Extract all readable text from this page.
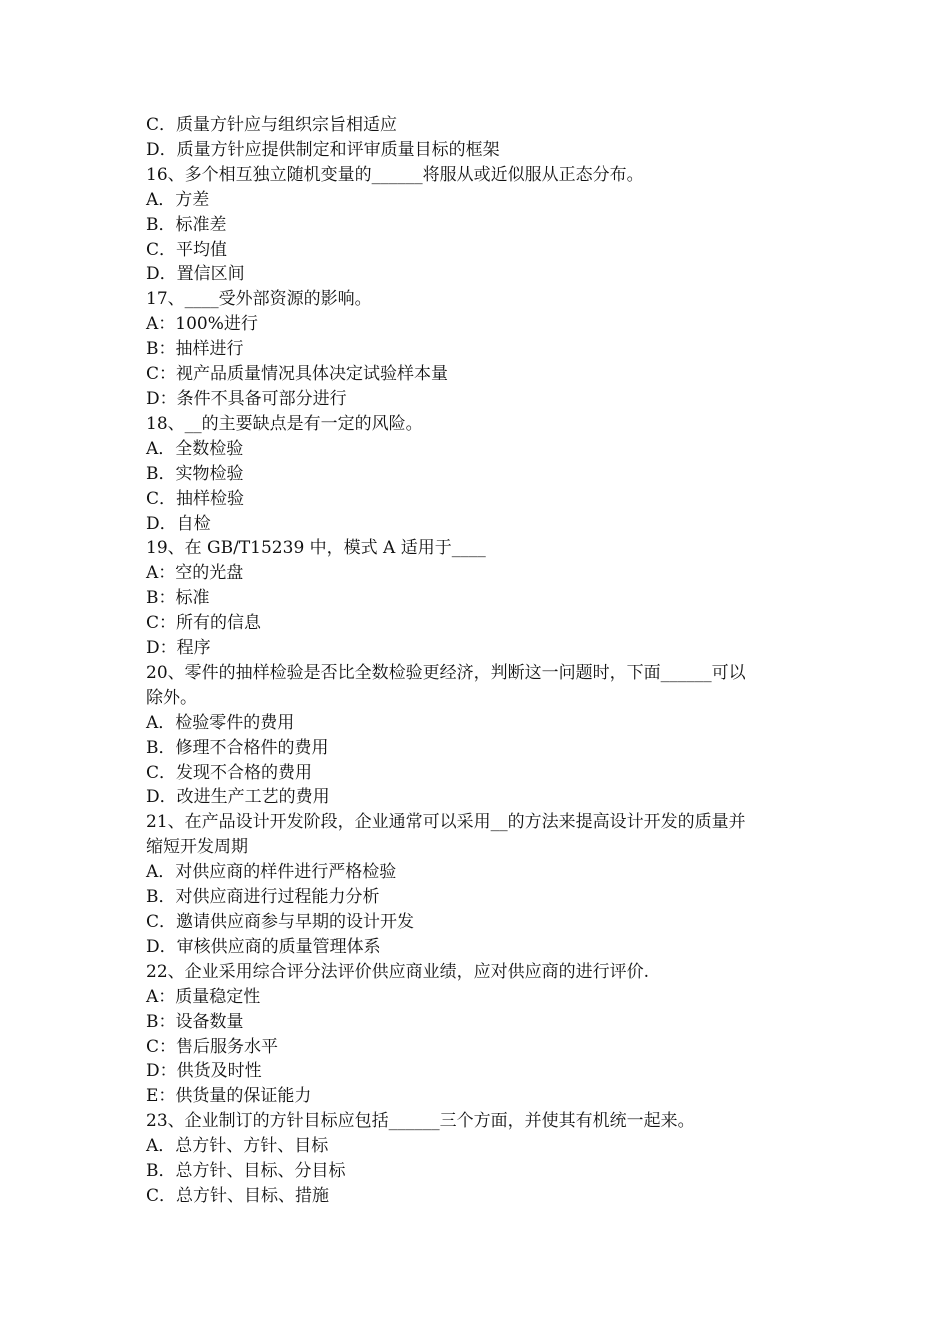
C．质量方针应与组织宗旨相适应
D．质量方针应提供制定和评审质量目标的框架
16、多个相互独立随机变量的______将服从或近似服从正态分布。
A．方差
B．标准差
C．平均值
D．置信区间
17、____受外部资源的影响。
A：100%进行
B：抽样进行
C：视产品质量情况具体决定试验样本量
D：条件不具备可部分进行
18、__的主要缺点是有一定的风险。
A．全数检验
B．实物检验
C．抽样检验
D．自检
19、在 GB/T15239 中，模式 A 适用于____
A：空的光盘
B：标准
C：所有的信息
D：程序
20、零件的抽样检验是否比全数检验更经济，判断这一问题时，下面______可以
除外。
A．检验零件的费用
B．修理不合格件的费用
C．发现不合格的费用
D．改进生产工艺的费用
21、在产品设计开发阶段，企业通常可以采用__的方法来提高设计开发的质量并
缩短开发周期
A．对供应商的样件进行严格检验
B．对供应商进行过程能力分析
C．邀请供应商参与早期的设计开发
D．审核供应商的质量管理体系
22、企业采用综合评分法评价供应商业绩，应对供应商的进行评价.
A：质量稳定性
B：设备数量
C：售后服务水平
D：供货及时性
E：供货量的保证能力
23、企业制订的方针目标应包括______三个方面，并使其有机统一起来。
A．总方针、方针、目标
B．总方针、目标、分目标
C．总方针、目标、措施
